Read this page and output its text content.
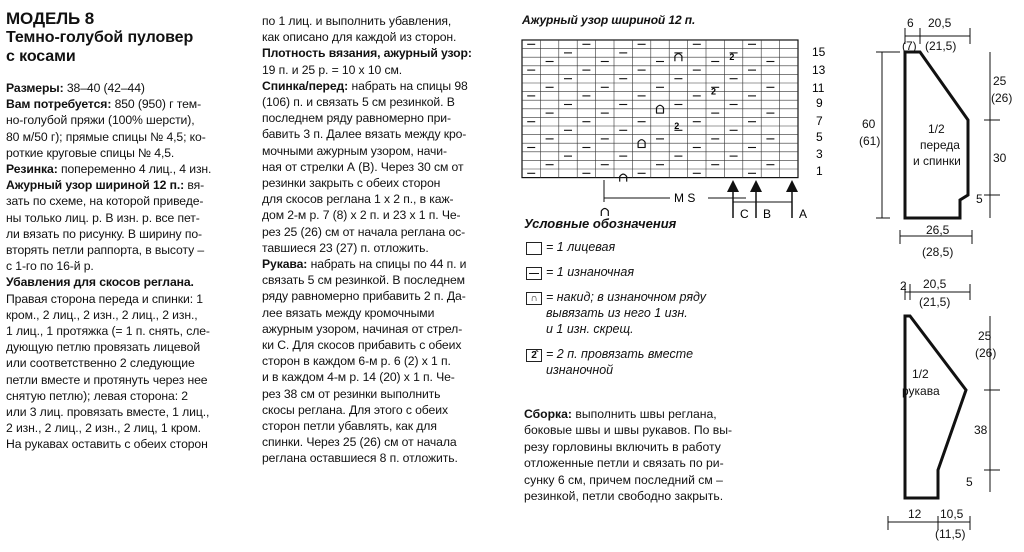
МОДЕЛЬ 8
Темно-голубой пуловер
с косами

Размеры: 38–40 (42–44)

Вам потребуется: 850 (950) г тем-

но-голубой пряжи (100% шерсти),

80 м/50 г); прямые спицы № 4,5; ко-

роткие круговые спицы № 4,5.

Резинка: попеременно 4 лиц., 4 изн.

Ажурный узор шириной 12 п.: вя-

зать по схеме, на которой приведе-

ны только лиц. р. В изн. р. все пет-

ли вязать по рисунку. В ширину по-

вторять петли раппорта, в высоту –

с 1-го по 16-й р.

Убавления для скосов реглана.

Правая сторона переда и спинки: 1

кром., 2 лиц., 2 изн., 2 лиц., 2 изн.,

1 лиц., 1 протяжка (= 1 п. снять, сле-

дующую петлю провязать лицевой

или соответственно 2 следующие

петли вместе и протянуть через нее

снятую петлю); левая сторона: 2

или 3 лиц. провязать вместе, 1 лиц.,

2 изн., 2 лиц., 2 изн., 2 лиц, 1 кром.

На рукавах оставить с обеих сторон

по 1 лиц. и выполнить убавления,

как описано для каждой из сторон.

Плотность вязания, ажурный узор:

19 п. и 25 р. = 10 х 10 см.

Спинка/перед: набрать на спицы 98

(106) п. и связать 5 см резинкой. В

последнем ряду равномерно при-

бавить 3 п. Далее вязать между кро-

мочными ажурным узором, начи-

ная от стрелки А (В). Через 30 см от

резинки закрыть с обеих сторон

для скосов реглана 1 х 2 п., в каж-

дом 2-м р. 7 (8) х 2 п. и 23 х 1 п. Че-

рез 25 (26) см от начала реглана ос-

тавшиеся 23 (27) п. отложить.

Рукава: набрать на спицы по 44 п. и

связать 5 см резинкой. В последнем

ряду равномерно прибавить 2 п. Да-

лее вязать между кромочными

ажурным узором, начиная от стрел-

ки С. Для скосов прибавить с обеих

сторон в каждом 6-м р. 6 (2) х 1 п.

и в каждом 4-м р. 14 (20) х 1 п. Че-

рез 38 см от резинки выполнить

скосы реглана. Для этого с обеих

сторон петли убавлять, как для

спинки. Через 25 (26) см от начала

реглана оставшиеся 8 п. отложить.

Ажурный узор шириной 12 п.
2
2
2
15
13
11
9
7
5
3
1
M S
C B A
Условные обозначения
= 1 лицевая
— = 1 изнаночная
∩ = накид; в изнаночном ряду
вывязать из него 1 изн.
и 1 изн. скрещ.
2̂ = 2 п. провязать вместе
изнаночной

Сборка: выполнить швы реглана,

боковые швы и швы рукавов. По вы-

резу горловины включить в работу

отложенные петли и связать по ри-

сунку 6 см, причем последний см –

резинкой, петли свободно закрыть.

6 20,5
(7) (21,5)
60
(61)
25
(26)
30
5
1/2
переда
и спинки
26,5
(28,5)
2 20,5
(21,5)
25
(26)
1/2
рукава
38
5
12 10,5
(11,5)
